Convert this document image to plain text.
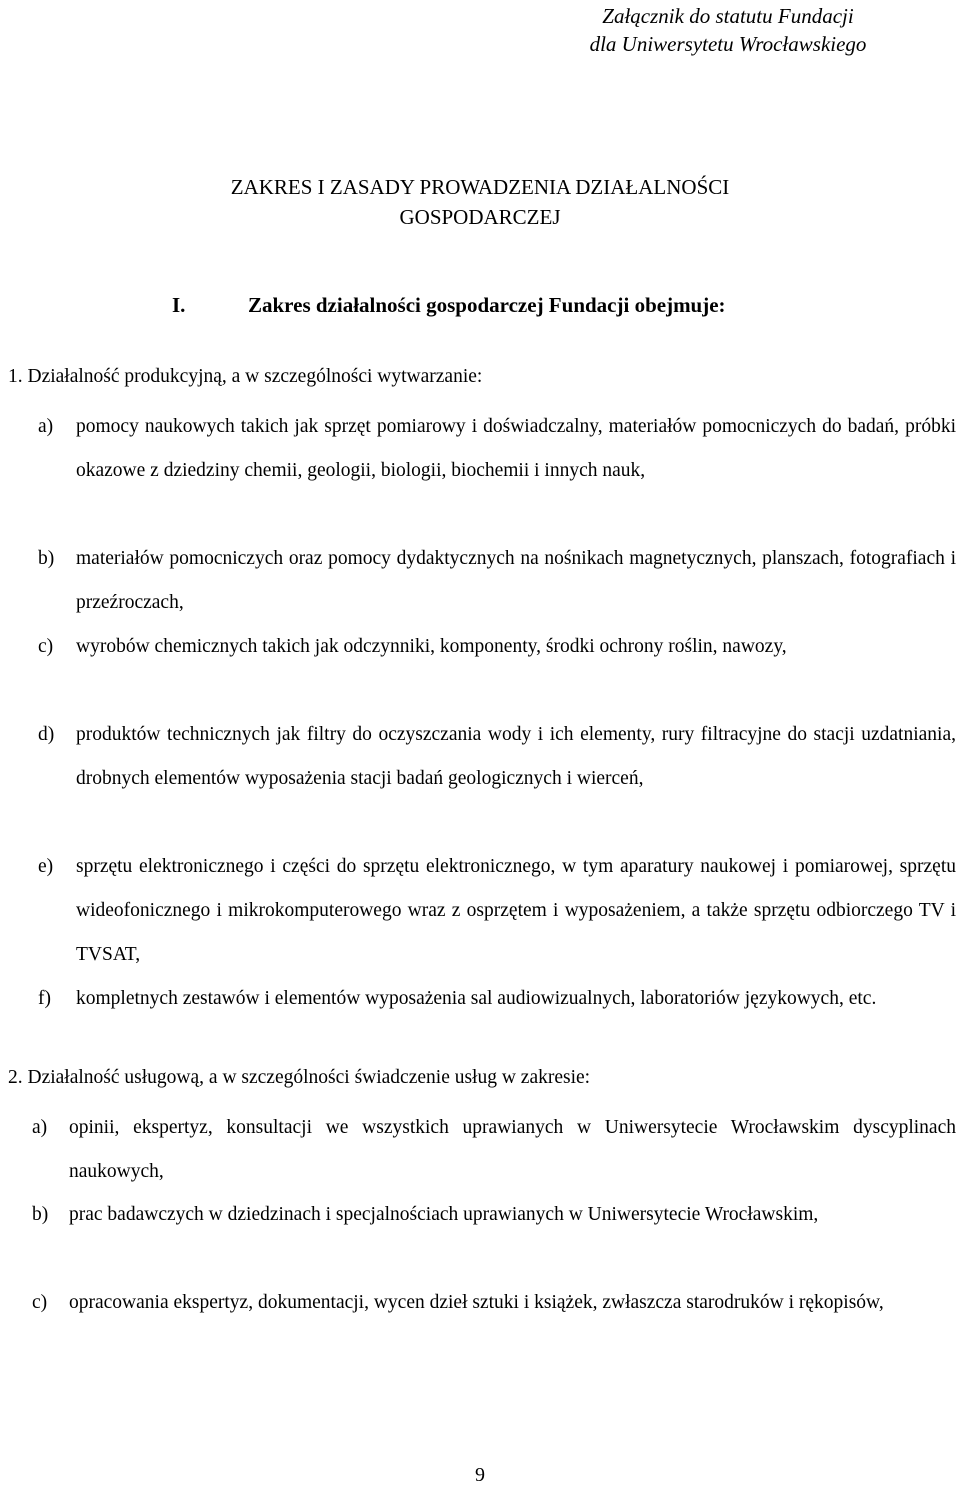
Załącznik do statutu Fundacji
dla Uniwersytetu Wrocławskiego
ZAKRES I ZASADY PROWADZENIA DZIAŁALNOŚCI
GOSPODARCZEJ
I.	Zakres działalności gospodarczej Fundacji obejmuje:
1. Działalność produkcyjną, a w szczególności wytwarzanie:
a)	pomocy naukowych takich jak sprzęt pomiarowy i doświadczalny, materiałów pomocniczych do badań, próbki okazowe z dziedziny chemii, geologii, biologii, biochemii i innych nauk,
b)	materiałów pomocniczych oraz pomocy dydaktycznych na nośnikach magnetycznych, planszach, fotografiach i przeźroczach,
c)	wyrobów chemicznych takich jak odczynniki, komponenty, środki ochrony roślin, nawozy,
d)	produktów technicznych jak filtry do oczyszczania wody i ich elementy, rury filtracyjne do stacji uzdatniania, drobnych elementów wyposażenia stacji badań geologicznych i wierceń,
e)	sprzętu elektronicznego i części do sprzętu elektronicznego, w tym aparatury naukowej i pomiarowej, sprzętu wideofonicznego i mikrokomputerowego wraz z osprzętem i wyposażeniem, a także sprzętu odbiorczego TV i TVSAT,
f)	kompletnych zestawów i elementów wyposażenia sal audiowizualnych, laboratoriów językowych, etc.
2. Działalność usługową, a w szczególności świadczenie usług w zakresie:
a)	opinii, ekspertyz, konsultacji we wszystkich uprawianych w Uniwersytecie Wrocławskim dyscyplinach naukowych,
b)	prac badawczych w dziedzinach i specjalnościach uprawianych w Uniwersytecie Wrocławskim,
c)	opracowania ekspertyz, dokumentacji, wycen dzieł sztuki i książek, zwłaszcza starodruków i rękopisów,
9
